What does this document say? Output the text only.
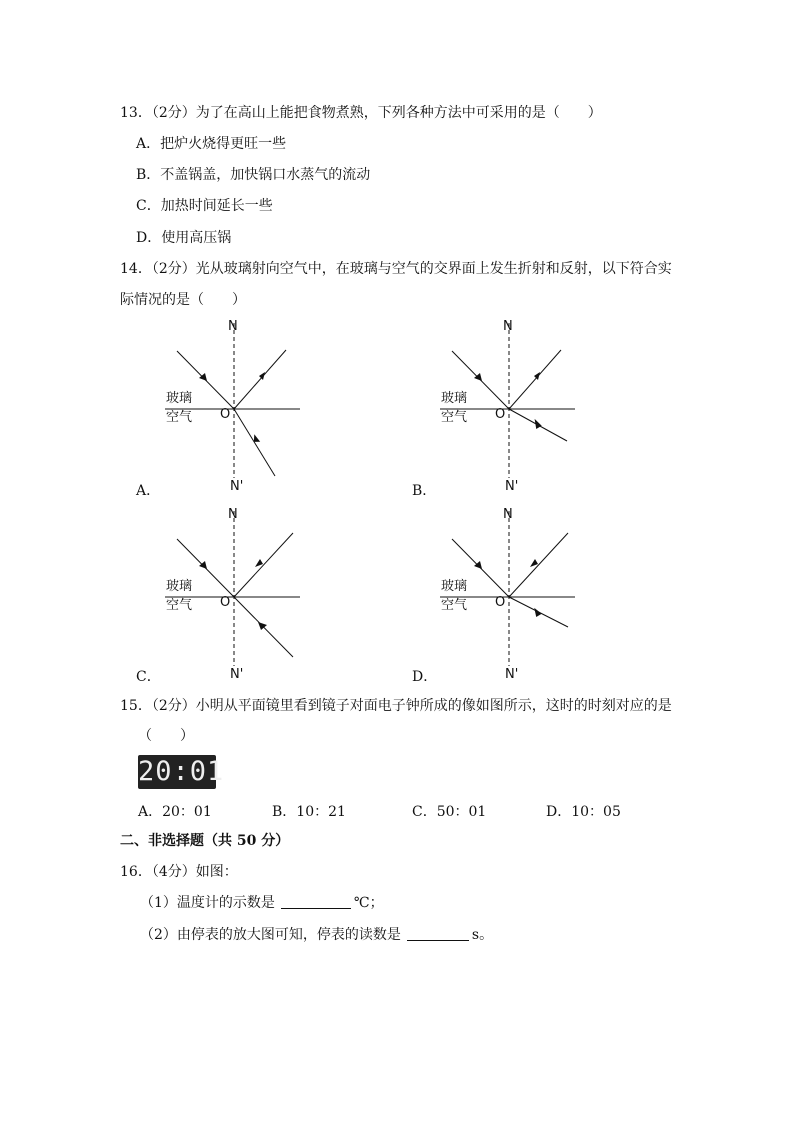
13．（2分）为了在高山上能把食物煮熟，下列各种方法中可采用的是（　　）
A．把炉火烧得更旺一些
B．不盖锅盖，加快锅口水蒸气的流动
C．加热时间延长一些
D．使用高压锅
14．（2分）光从玻璃射向空气中，在玻璃与空气的交界面上发生折射和反射，以下符合实
际情况的是（　　）
N
玻璃
空气 O
N'
A．
N
玻璃
空气 O
N'
B．
N
玻璃
空气 O
N'
C．
N
玻璃
空气 O
N'
D．
15．（2分）小明从平面镜里看到镜子对面电子钟所成的像如图所示，这时的时刻对应的是
（　　）
20:01
A．20：01	B．10：21	C．50：01	D．10：05
二、非选择题（共 50 分）
16．（4分）如图：
（1）温度计的示数是	℃；
（2）由停表的放大图可知，停表的读数是	s。
